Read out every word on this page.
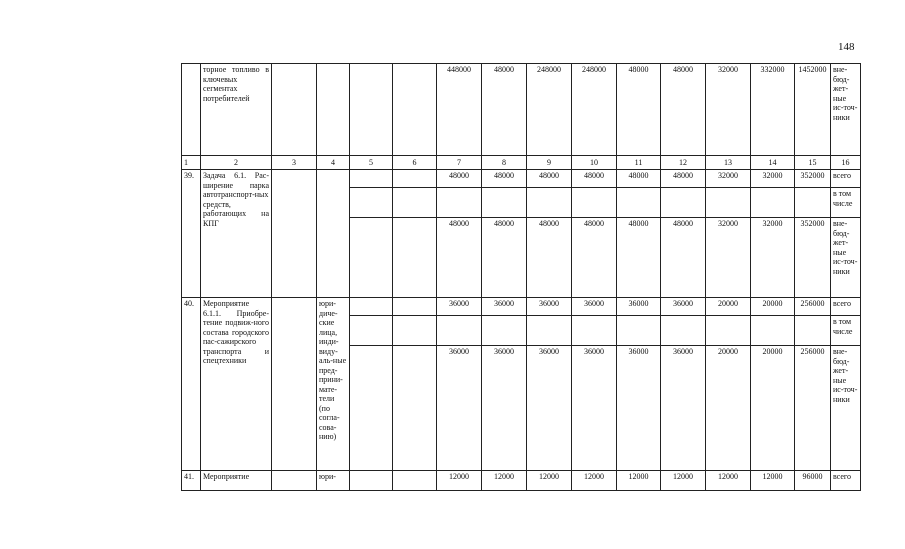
148
	торное топливо в ключевых сегментах потребителей					448000	48000	248000	248000	48000	48000	32000	332000	1452000	вне-бюд-жет-ные ис-точ-ники
1	2	3	4	5	6	7	8	9	10	11	12	13	14	15	16
39.	Задача 6.1. Рас-ширение парка автотранспорт-ных средств, работающих на КПГ					48000	48000	48000	48000	48000	48000	32000	32000	352000	всего
															в том числе
						48000	48000	48000	48000	48000	48000	32000	32000	352000	вне-бюд-жет-ные ис-точ-ники
40.	Мероприятие 6.1.1. Приобре-тение подвиж-ного состава городского пас-сажирского транспорта и спецтехники		юри-диче-ские лица, инди-виду-аль-ные пред-прини-мате-тели (по согла-сова-нию)			36000	36000	36000	36000	36000	36000	20000	20000	256000	всего
															в том числе
						36000	36000	36000	36000	36000	36000	20000	20000	256000	вне-бюд-жет-ные ис-точ-ники
41.	Мероприятие		юри-			12000	12000	12000	12000	12000	12000	12000	12000	96000	всего
